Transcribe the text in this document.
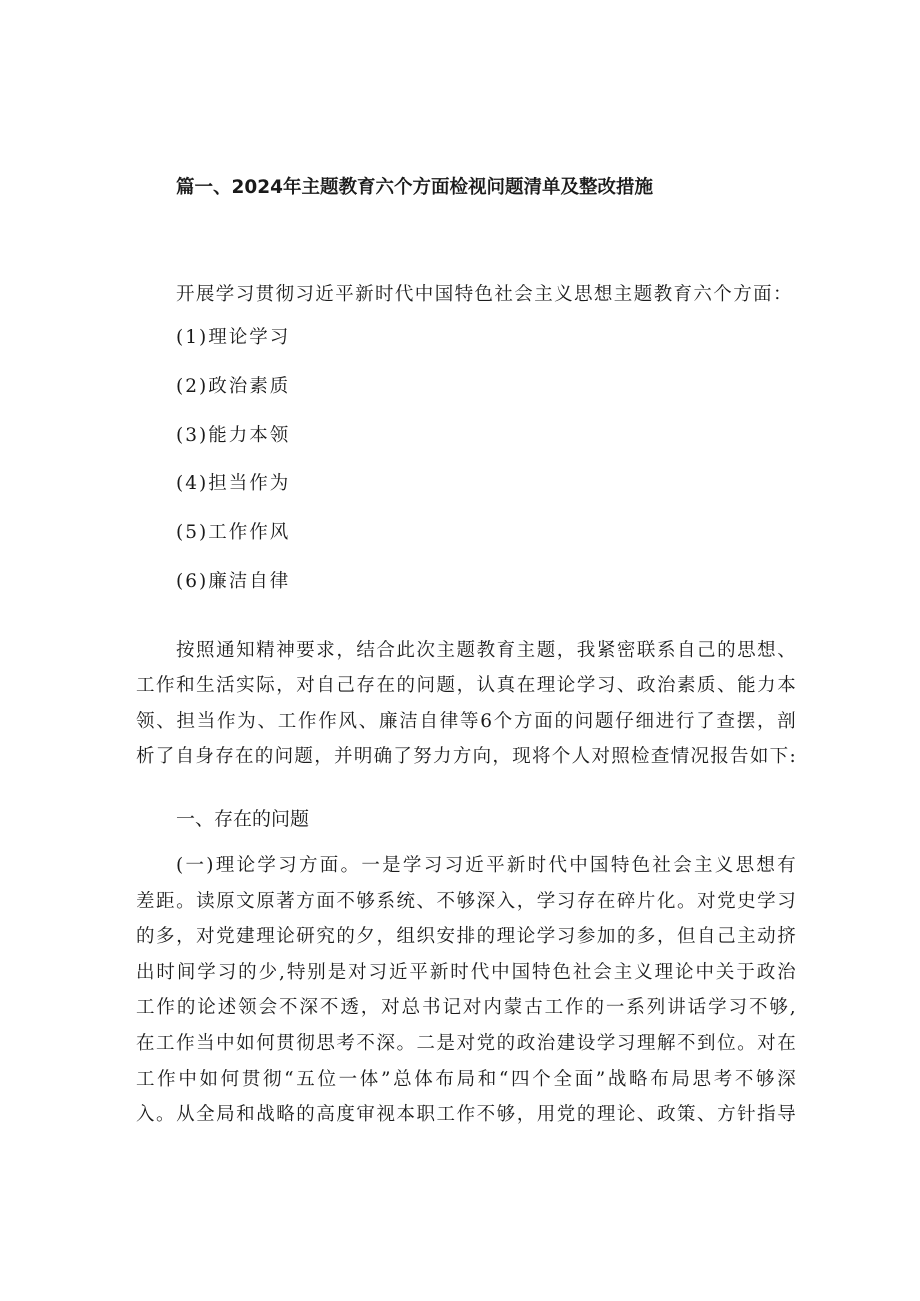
篇一、2024年主题教育六个方面检视问题清单及整改措施

开展学习贯彻习近平新时代中国特色社会主义思想主题教育六个方面：

(1)理论学习
(2)政治素质
(3)能力本领
(4)担当作为
(5)工作作风
(6)廉洁自律
按照通知精神要求，结合此次主题教育主题，我紧密联系自己的思想、
工作和生活实际，对自己存在的问题，认真在理论学习、政治素质、能力本
领、担当作为、工作作风、廉洁自律等6个方面的问题仔细进行了查摆，剖
析了自身存在的问题，并明确了努力方向，现将个人对照检查情况报告如下:
一、存在的问题
(一)理论学习方面。一是学习习近平新时代中国特色社会主义思想有
差距。读原文原著方面不够系统、不够深入，学习存在碎片化。对党史学习
的多，对党建理论研究的夕，组织安排的理论学习参加的多，但自己主动挤
出时间学习的少,特别是对习近平新时代中国特色社会主义理论中关于政治
工作的论述领会不深不透，对总书记对内蒙古工作的一系列讲话学习不够,
在工作当中如何贯彻思考不深。二是对党的政治建设学习理解不到位。对在
工作中如何贯彻“五位一体”总体布局和“四个全面”战略布局思考不够深
入。从全局和战略的高度审视本职工作不够，用党的理论、政策、方针指导
